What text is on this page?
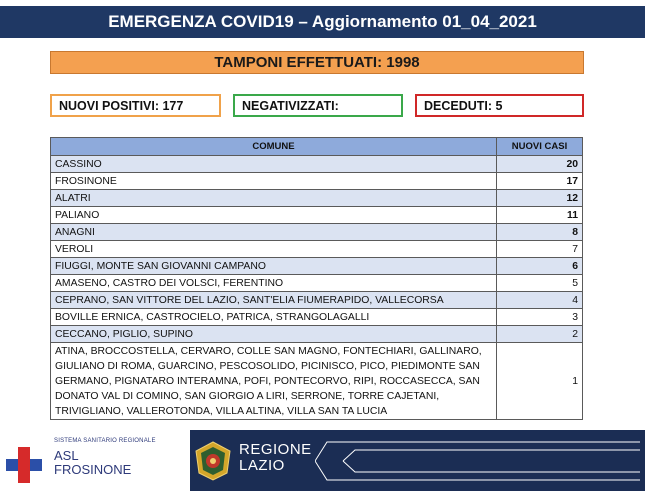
EMERGENZA COVID19 – Aggiornamento 01_04_2021
TAMPONI EFFETTUATI: 1998
NUOVI POSITIVI: 177	NEGATIVIZZATI:	DECEDUTI: 5
COMUNE	NUOVI CASI
CASSINO	20
FROSINONE	17
ALATRI	12
PALIANO	11
ANAGNI	8
VEROLI	7
FIUGGI, MONTE SAN GIOVANNI CAMPANO	6
AMASENO, CASTRO DEI VOLSCI, FERENTINO	5
CEPRANO, SAN VITTORE DEL LAZIO, SANT'ELIA FIUMERAPIDO, VALLECORSA	4
BOVILLE ERNICA, CASTROCIELO, PATRICA, STRANGOLAGALLI	3
CECCANO, PIGLIO, SUPINO	2
ATINA, BROCCOSTELLA, CERVARO, COLLE SAN MAGNO, FONTECHIARI, GALLINARO, GIULIANO DI ROMA, GUARCINO, PESCOSOLIDO, PICINISCO, PICO, PIEDIMONTE SAN GERMANO, PIGNATARO INTERAMNA, POFI, PONTECORVO, RIPI, ROCCASECCA, SAN DONATO VAL DI COMINO, SAN GIORGIO A LIRI, SERRONE, TORRE CAJETANI, TRIVIGLIANO, VALLEROTONDA, VILLA ALTINA, VILLA SAN TA LUCIA	1
SISTEMA SANITARIO REGIONALE
ASL
FROSINONE
REGIONE
LAZIO
